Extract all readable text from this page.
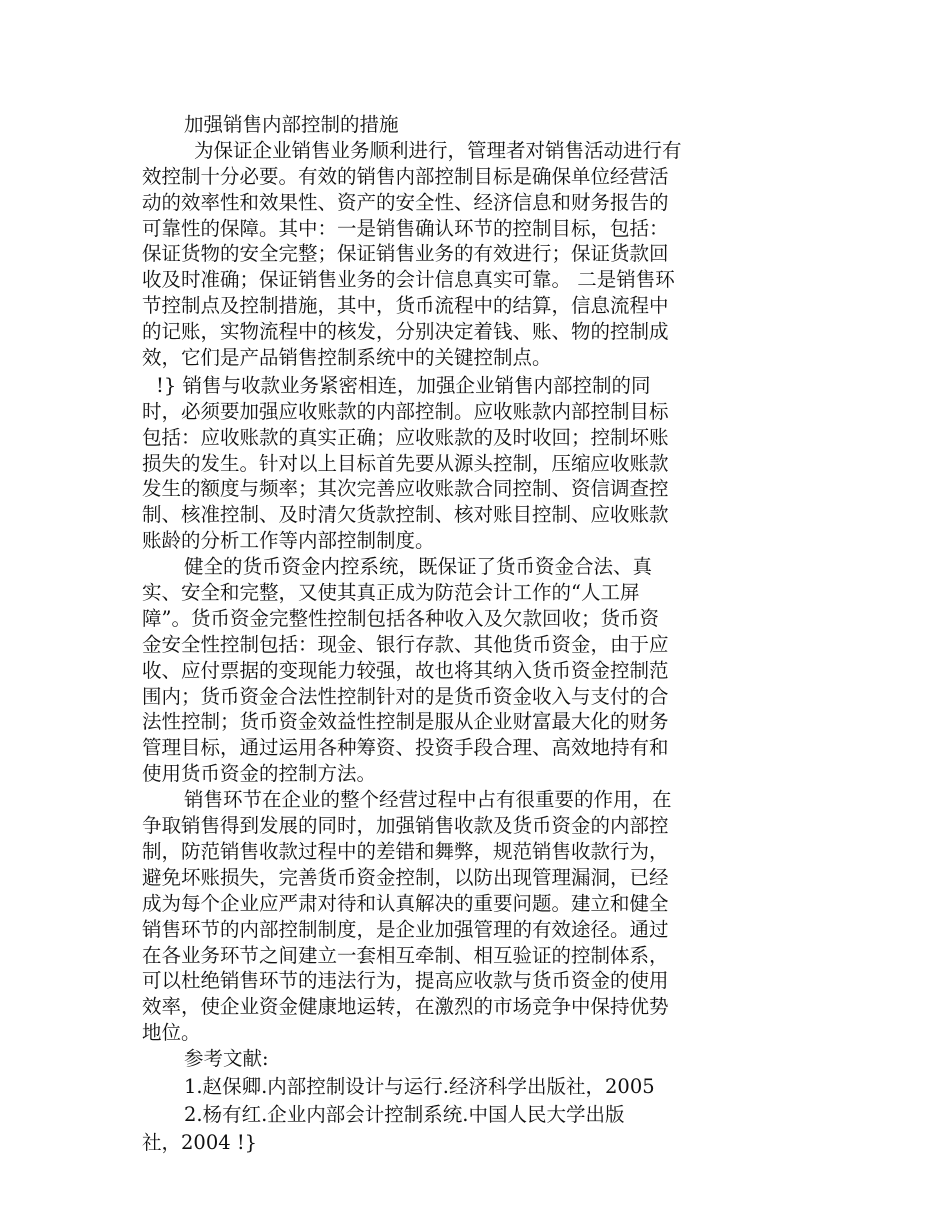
加强销售内部控制的措施
为保证企业销售业务顺利进行，管理者对销售活动进行有
效控制十分必要。有效的销售内部控制目标是确保单位经营活
动的效率性和效果性、资产的安全性、经济信息和财务报告的
可靠性的保障。其中：一是销售确认环节的控制目标，包括：
保证货物的安全完整；保证销售业务的有效进行；保证货款回
收及时准确；保证销售业务的会计信息真实可靠。 二是销售环
节控制点及控制措施，其中，货币流程中的结算，信息流程中
的记账，实物流程中的核发，分别决定着钱、账、物的控制成
效，它们是产品销售控制系统中的关键控制点。
!} 销售与收款业务紧密相连，加强企业销售内部控制的同
时，必须要加强应收账款的内部控制。应收账款内部控制目标
包括：应收账款的真实正确；应收账款的及时收回；控制坏账
损失的发生。针对以上目标首先要从源头控制，压缩应收账款
发生的额度与频率；其次完善应收账款合同控制、资信调查控
制、核准控制、及时清欠货款控制、核对账目控制、应收账款
账龄的分析工作等内部控制制度。
健全的货币资金内控系统，既保证了货币资金合法、真
实、安全和完整，又使其真正成为防范会计工作的“人工屏
障”。货币资金完整性控制包括各种收入及欠款回收；货币资
金安全性控制包括：现金、银行存款、其他货币资金，由于应
收、应付票据的变现能力较强，故也将其纳入货币资金控制范
围内；货币资金合法性控制针对的是货币资金收入与支付的合
法性控制；货币资金效益性控制是服从企业财富最大化的财务
管理目标，通过运用各种筹资、投资手段合理、高效地持有和
使用货币资金的控制方法。
销售环节在企业的整个经营过程中占有很重要的作用，在
争取销售得到发展的同时，加强销售收款及货币资金的内部控
制，防范销售收款过程中的差错和舞弊，规范销售收款行为，
避免坏账损失，完善货币资金控制，以防出现管理漏洞，已经
成为每个企业应严肃对待和认真解决的重要问题。建立和健全
销售环节的内部控制制度，是企业加强管理的有效途径。通过
在各业务环节之间建立一套相互牵制、相互验证的控制体系，
可以杜绝销售环节的违法行为，提高应收款与货币资金的使用
效率，使企业资金健康地运转，在激烈的市场竞争中保持优势
地位。
参考文献:
1.赵保卿.内部控制设计与运行.经济科学出版社，2005
2.杨有红.企业内部会计控制系统.中国人民大学出版
社，2004 !}
